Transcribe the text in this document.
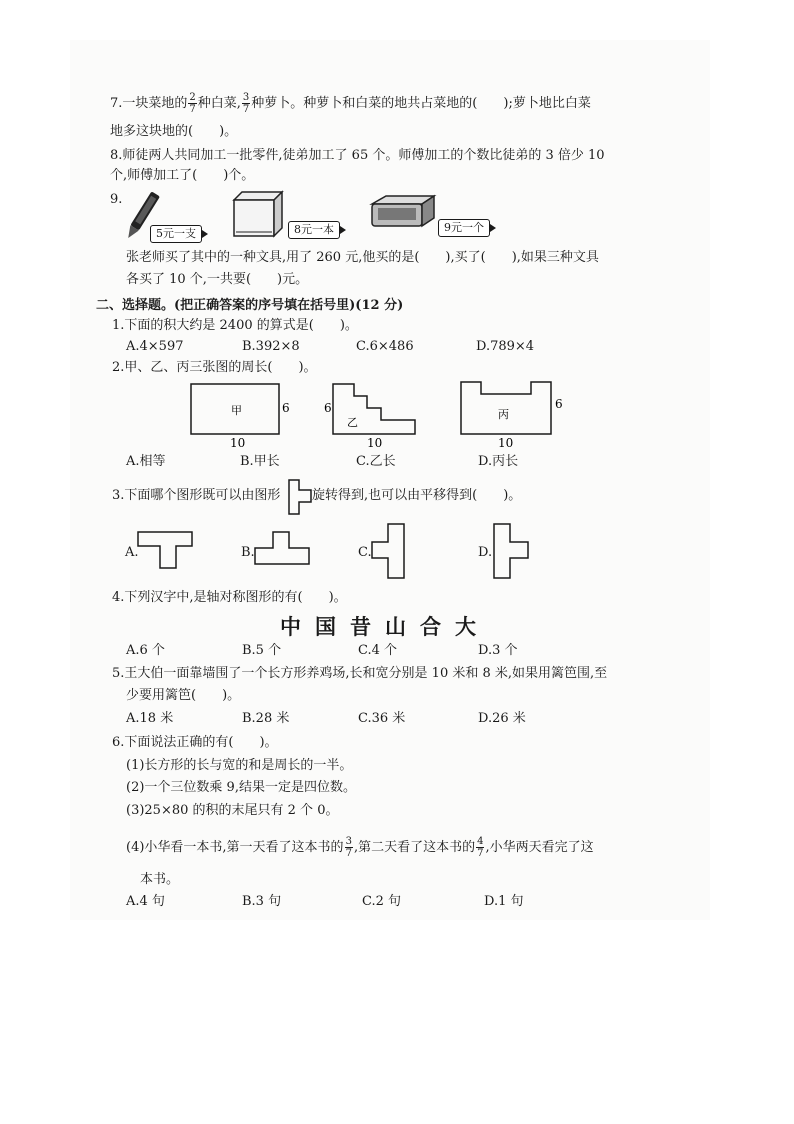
7.一块菜地的 $\frac{2}{7}$ 种白菜, $\frac{3}{7}$ 种萝卜。种萝卜和白菜的地共占菜地的(　　);萝卜地比白菜
地多这块地的(　　)。
8.师徒两人共同加工一批零件,徒弟加工了 65 个。师傅加工的个数比徒弟的 3 倍少 10
个,师傅加工了(　　)个。
9.
5元一支	8元一本	9元一个
张老师买了其中的一种文具,用了 260 元,他买的是(　　),买了(　　),如果三种文具
各买了 10 个,一共要(　　)元。
二、选择题。(把正确答案的序号填在括号里)(12 分)
1.下面的积大约是 2400 的算式是(　　)。
A.4×597	B.392×8	C.6×486	D.789×4
2.甲、乙、丙三张图的周长(　　)。
甲	6
10
乙
6
10
丙
6
10
A.相等	B.甲长	C.乙长	D.丙长
3.下面哪个图形既可以由图形 旋转得到,也可以由平移得到(　　)。
A.	B.	C.	D.
4.下列汉字中,是轴对称图形的有(　　)。
中国昔山合大
A.6 个	B.5 个	C.4 个	D.3 个
5.王大伯一面靠墙围了一个长方形养鸡场,长和宽分别是 10 米和 8 米,如果用篱笆围,至
少要用篱笆(　　)。
A.18 米	B.28 米	C.36 米	D.26 米
6.下面说法正确的有(　　)。
(1)长方形的长与宽的和是周长的一半。
(2)一个三位数乘 9,结果一定是四位数。
(3)25×80 的积的末尾只有 2 个 0。
(4)小华看一本书,第一天看了这本书的 $\frac{3}{7}$ ,第二天看了这本书的 $\frac{4}{7}$ ,小华两天看完了这
本书。
A.4 句	B.3 句	C.2 句	D.1 句
